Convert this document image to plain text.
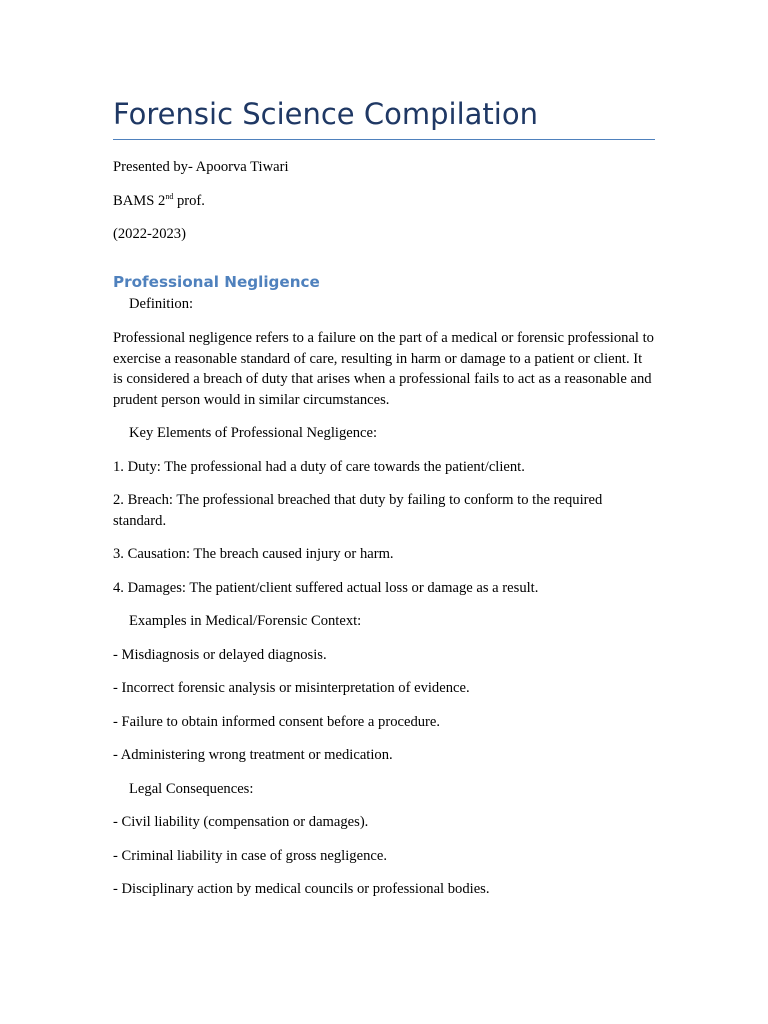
Forensic Science Compilation

Presented by- Apoorva Tiwari

BAMS 2nd prof.

(2022-2023)

Professional Negligence

Definition:

Professional negligence refers to a failure on the part of a medical or forensic professional to exercise a reasonable standard of care, resulting in harm or damage to a patient or client. It is considered a breach of duty that arises when a professional fails to act as a reasonable and prudent person would in similar circumstances.

Key Elements of Professional Negligence:

1. Duty: The professional had a duty of care towards the patient/client.

2. Breach: The professional breached that duty by failing to conform to the required standard.

3. Causation: The breach caused injury or harm.

4. Damages: The patient/client suffered actual loss or damage as a result.

Examples in Medical/Forensic Context:

- Misdiagnosis or delayed diagnosis.

- Incorrect forensic analysis or misinterpretation of evidence.

- Failure to obtain informed consent before a procedure.

- Administering wrong treatment or medication.

Legal Consequences:

- Civil liability (compensation or damages).

- Criminal liability in case of gross negligence.

- Disciplinary action by medical councils or professional bodies.
